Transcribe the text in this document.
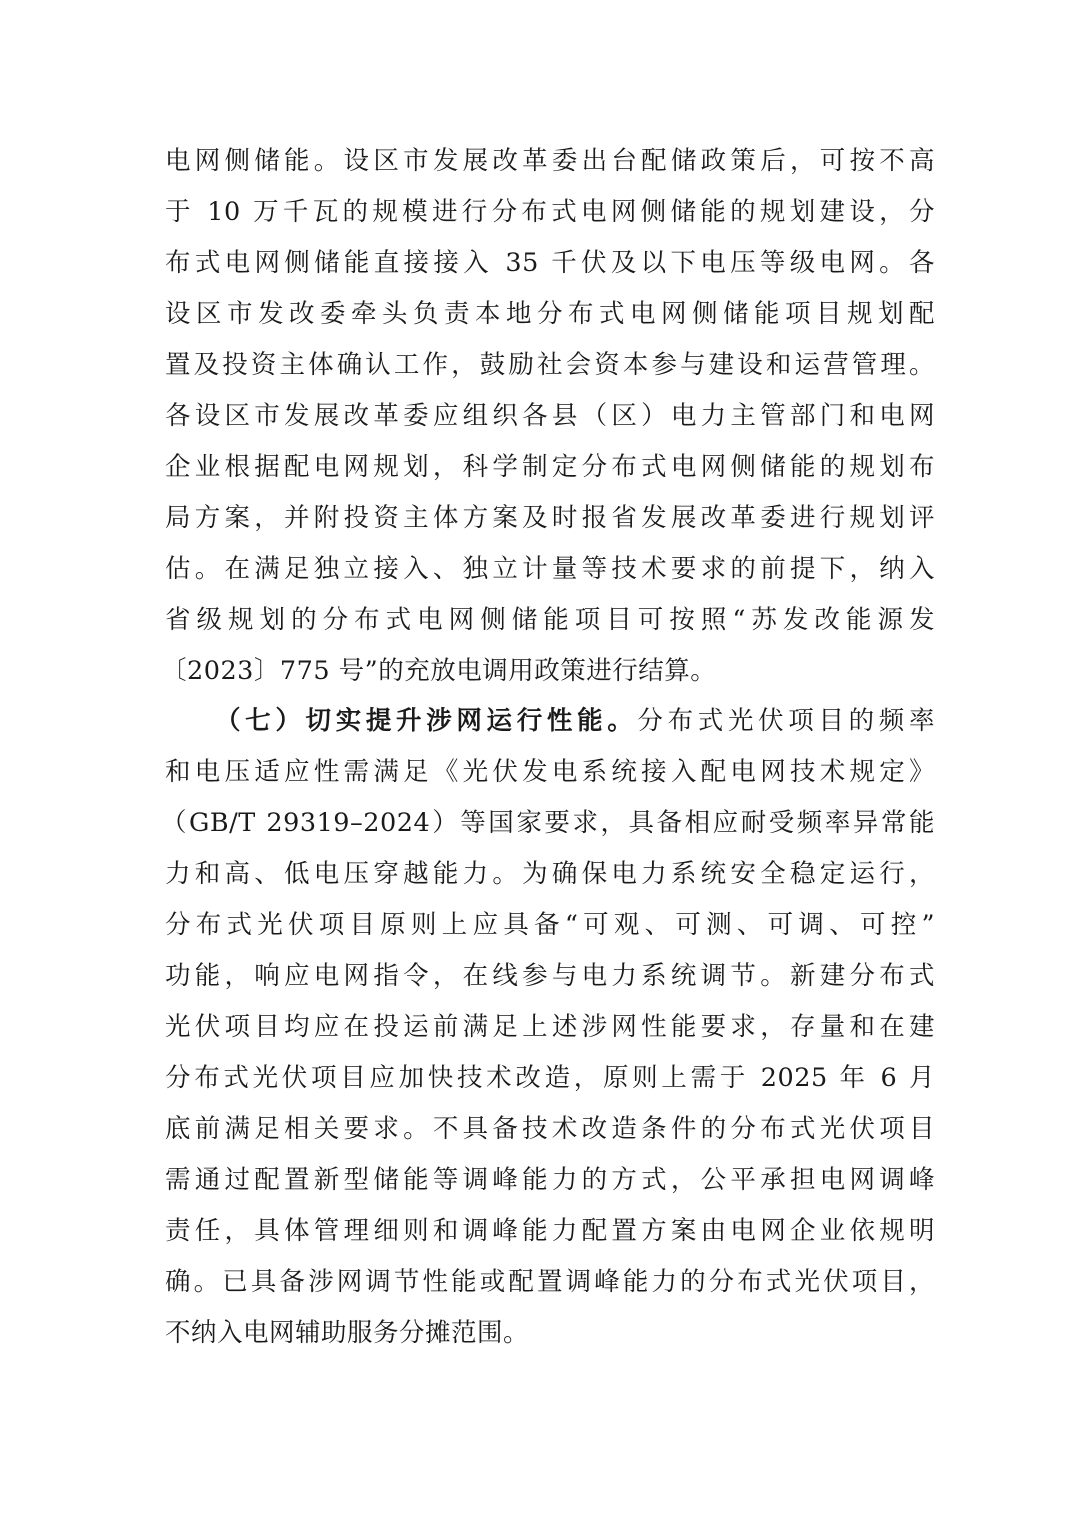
电网侧储能。设区市发展改革委出台配储政策后，可按不高
于 10 万千瓦的规模进行分布式电网侧储能的规划建设，分
布式电网侧储能直接接入 35 千伏及以下电压等级电网。各
设区市发改委牵头负责本地分布式电网侧储能项目规划配
置及投资主体确认工作，鼓励社会资本参与建设和运营管理。
各设区市发展改革委应组织各县（区）电力主管部门和电网
企业根据配电网规划，科学制定分布式电网侧储能的规划布
局方案，并附投资主体方案及时报省发展改革委进行规划评
估。在满足独立接入、独立计量等技术要求的前提下，纳入
省级规划的分布式电网侧储能项目可按照“苏发改能源发
〔2023〕775 号”的充放电调用政策进行结算。
（七）切实提升涉网运行性能。分布式光伏项目的频率
和电压适应性需满足《光伏发电系统接入配电网技术规定》
（GB/T 29319–2024）等国家要求，具备相应耐受频率异常能
力和高、低电压穿越能力。为确保电力系统安全稳定运行，
分布式光伏项目原则上应具备“可观、可测、可调、可控”
功能，响应电网指令，在线参与电力系统调节。新建分布式
光伏项目均应在投运前满足上述涉网性能要求，存量和在建
分布式光伏项目应加快技术改造，原则上需于 2025 年 6 月
底前满足相关要求。不具备技术改造条件的分布式光伏项目
需通过配置新型储能等调峰能力的方式，公平承担电网调峰
责任，具体管理细则和调峰能力配置方案由电网企业依规明
确。已具备涉网调节性能或配置调峰能力的分布式光伏项目，
不纳入电网辅助服务分摊范围。
